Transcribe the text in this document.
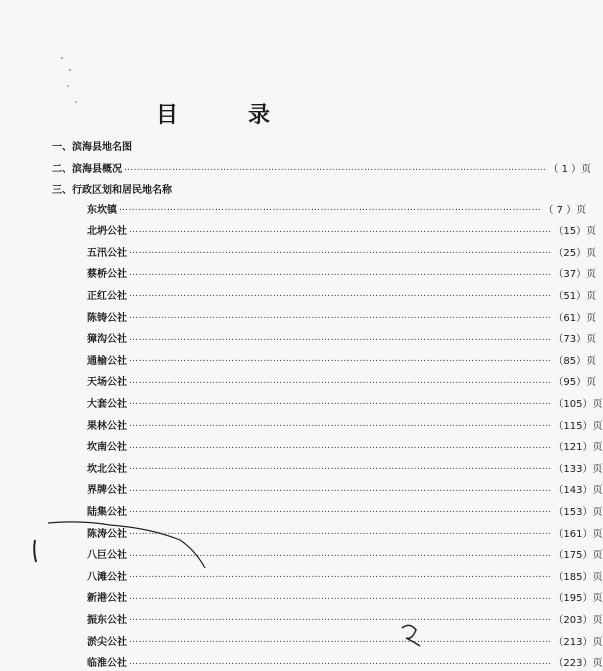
目　录
一、滨海县地名图
二、滨海县概况 …………………………………………………………………………………………………………………… （ 1 ）页
三、行政区划和居民地名称
东坎镇 …………………………………………………………………………………………………………………… （ 7 ）页
北坍公社 …………………………………………………………………………………………………………………… （15）页
五汛公社 …………………………………………………………………………………………………………………… （25）页
蔡桥公社 …………………………………………………………………………………………………………………… （37）页
正红公社 …………………………………………………………………………………………………………………… （51）页
陈铸公社 …………………………………………………………………………………………………………………… （61）页
獐沟公社 …………………………………………………………………………………………………………………… （73）页
通榆公社 …………………………………………………………………………………………………………………… （85）页
天场公社 …………………………………………………………………………………………………………………… （95）页
大套公社 …………………………………………………………………………………………………………………… （105）页
果林公社 …………………………………………………………………………………………………………………… （115）页
坎南公社 …………………………………………………………………………………………………………………… （121）页
坎北公社 …………………………………………………………………………………………………………………… （133）页
界牌公社 …………………………………………………………………………………………………………………… （143）页
陆集公社 …………………………………………………………………………………………………………………… （153）页
陈涛公社 …………………………………………………………………………………………………………………… （161）页
八巨公社 …………………………………………………………………………………………………………………… （175）页
八滩公社 …………………………………………………………………………………………………………………… （185）页
新港公社 …………………………………………………………………………………………………………………… （195）页
振东公社 …………………………………………………………………………………………………………………… （203）页
淤尖公社 …………………………………………………………………………………………………………………… （213）页
临淮公社 …………………………………………………………………………………………………………………… （223）页
